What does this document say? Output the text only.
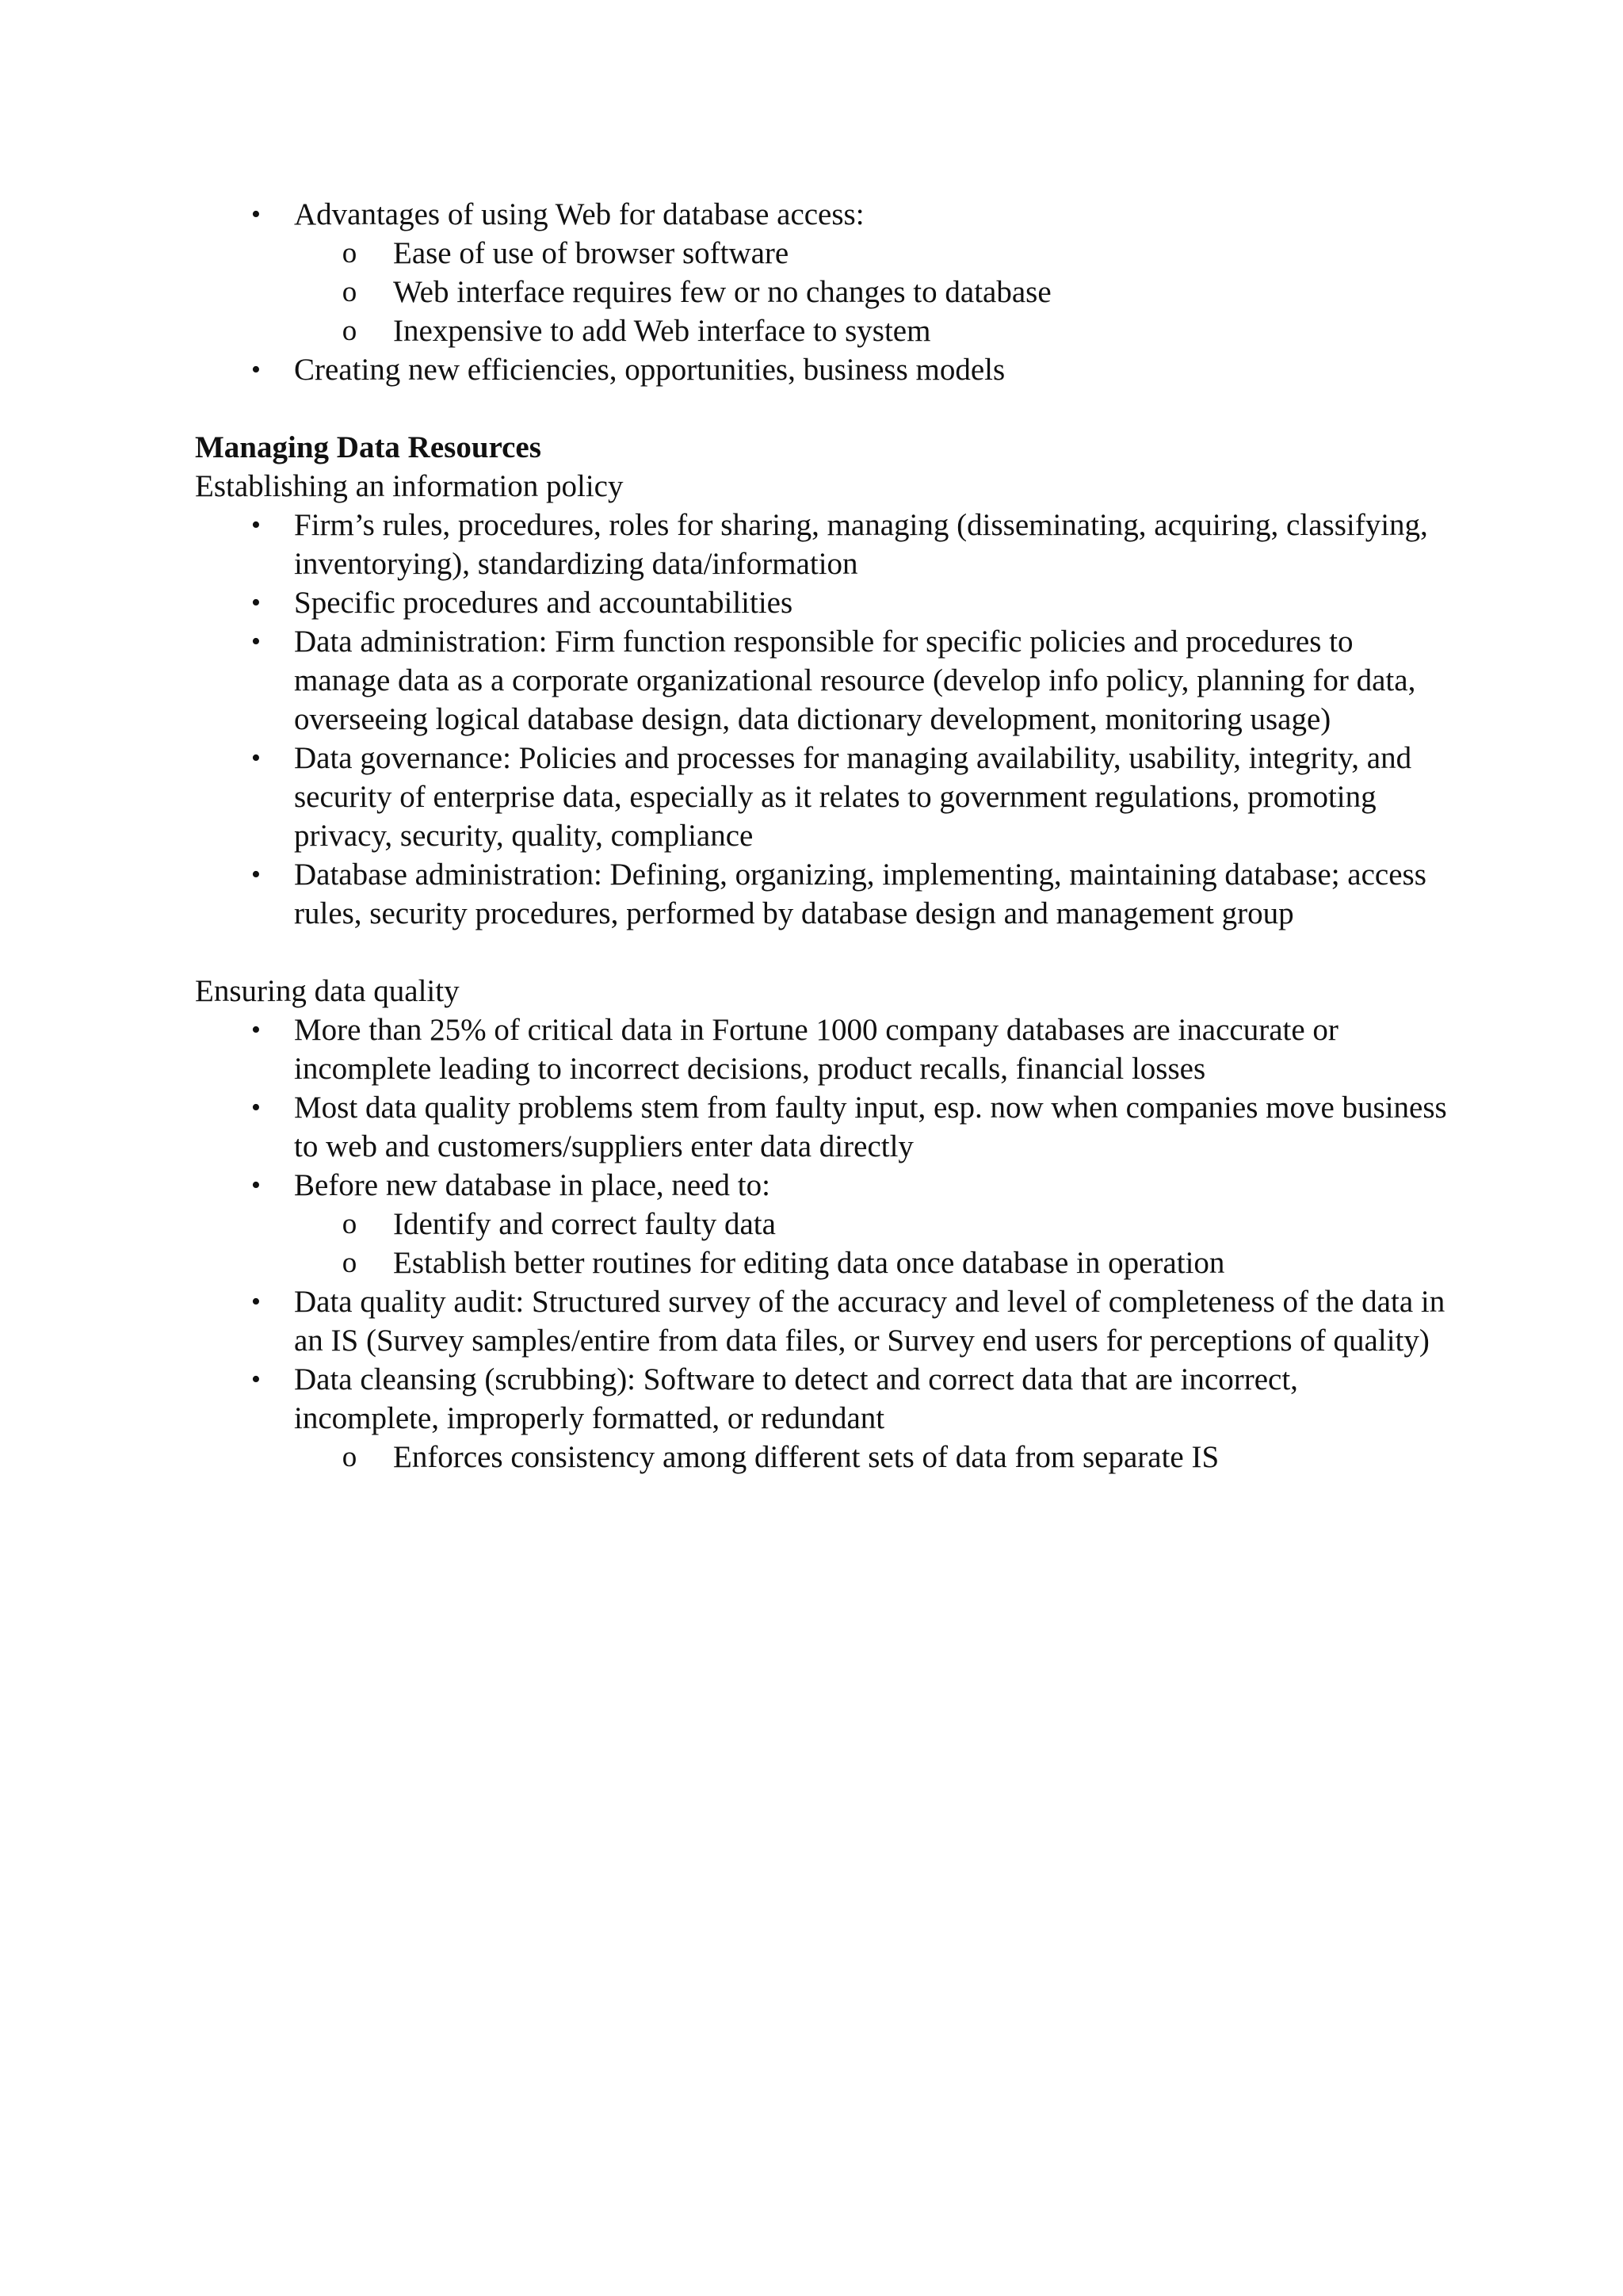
• Advantages of using Web for database access:
o Ease of use of browser software
o Web interface requires few or no changes to database
o Inexpensive to add Web interface to system
• Creating new efficiencies, opportunities, business models

Managing Data Resources

Establishing an information policy

• Firm’s rules, procedures, roles for sharing, managing (disseminating, acquiring, classifying, inventorying), standardizing data/information
• Specific procedures and accountabilities
• Data administration: Firm function responsible for specific policies and procedures to manage data as a corporate organizational resource (develop info policy, planning for data, overseeing logical database design, data dictionary development, monitoring usage)
• Data governance: Policies and processes for managing availability, usability, integrity, and security of enterprise data, especially as it relates to government regulations, promoting privacy, security, quality, compliance
• Database administration: Defining, organizing, implementing, maintaining database; access rules, security procedures, performed by database design and management group

Ensuring data quality

• More than 25% of critical data in Fortune 1000 company databases are inaccurate or incomplete leading to incorrect decisions, product recalls, financial losses
• Most data quality problems stem from faulty input, esp. now when companies move business to web and customers/suppliers enter data directly
• Before new database in place, need to:
o Identify and correct faulty data
o Establish better routines for editing data once database in operation
• Data quality audit: Structured survey of the accuracy and level of completeness of the data in an IS (Survey samples/entire from data files, or Survey end users for perceptions of quality)
• Data cleansing (scrubbing): Software to detect and correct data that are incorrect, incomplete, improperly formatted, or redundant
o Enforces consistency among different sets of data from separate IS
